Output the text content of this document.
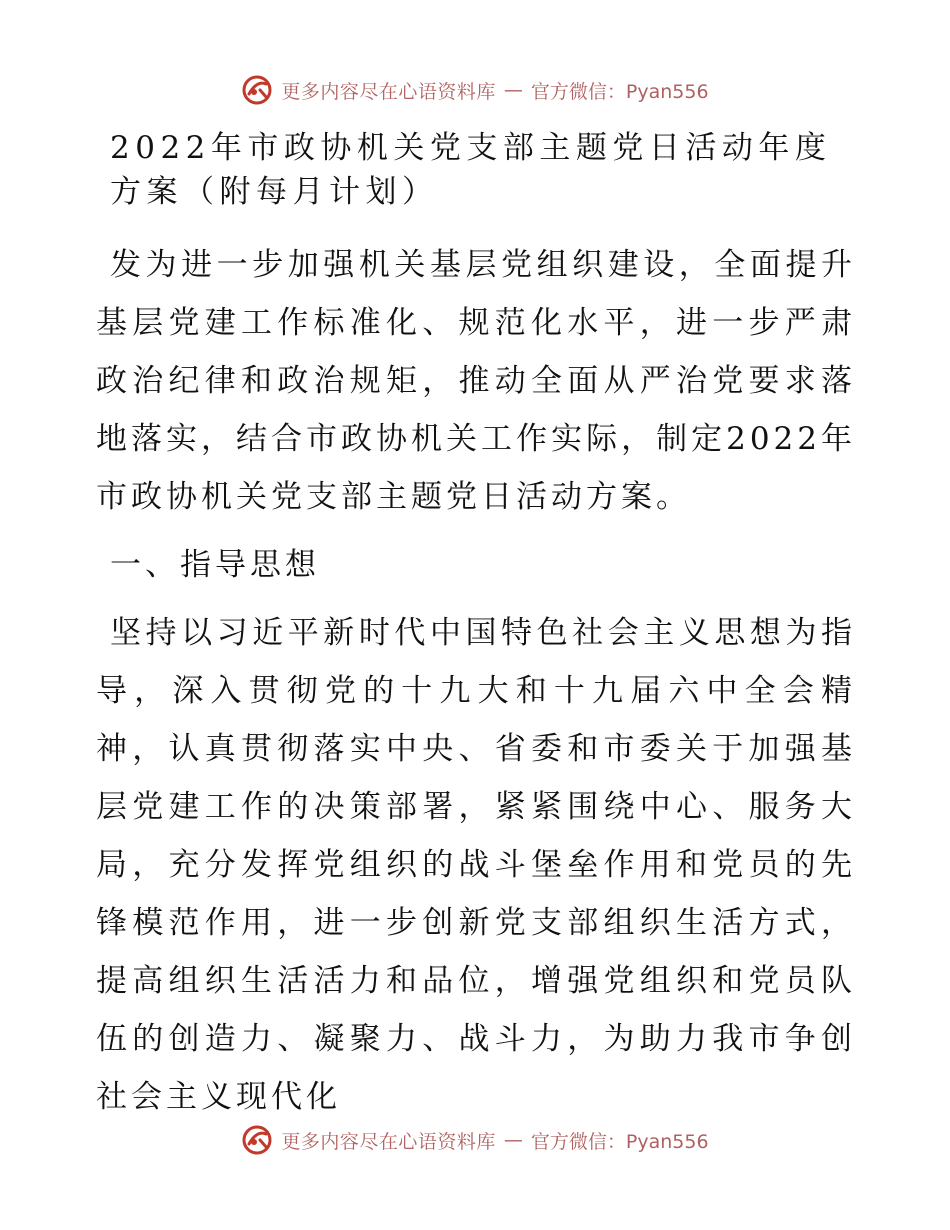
更多内容尽在心语资料库 — 官方微信：Pyan556
2022年市政协机关党支部主题党日活动年度方案（附每月计划）

发为进一步加强机关基层党组织建设，全面提升基层党建工作标准化、规范化水平，进一步严肃政治纪律和政治规矩，推动全面从严治党要求落地落实，结合市政协机关工作实际，制定2022年市政协机关党支部主题党日活动方案。

一、指导思想

坚持以习近平新时代中国特色社会主义思想为指导，深入贯彻党的十九大和十九届六中全会精神，认真贯彻落实中央、省委和市委关于加强基层党建工作的决策部署，紧紧围绕中心、服务大局，充分发挥党组织的战斗堡垒作用和党员的先锋模范作用，进一步创新党支部组织生活方式，提高组织生活活力和品位，增强党组织和党员队伍的创造力、凝聚力、战斗力，为助力我市争创社会主义现代化

更多内容尽在心语资料库 — 官方微信：Pyan556
